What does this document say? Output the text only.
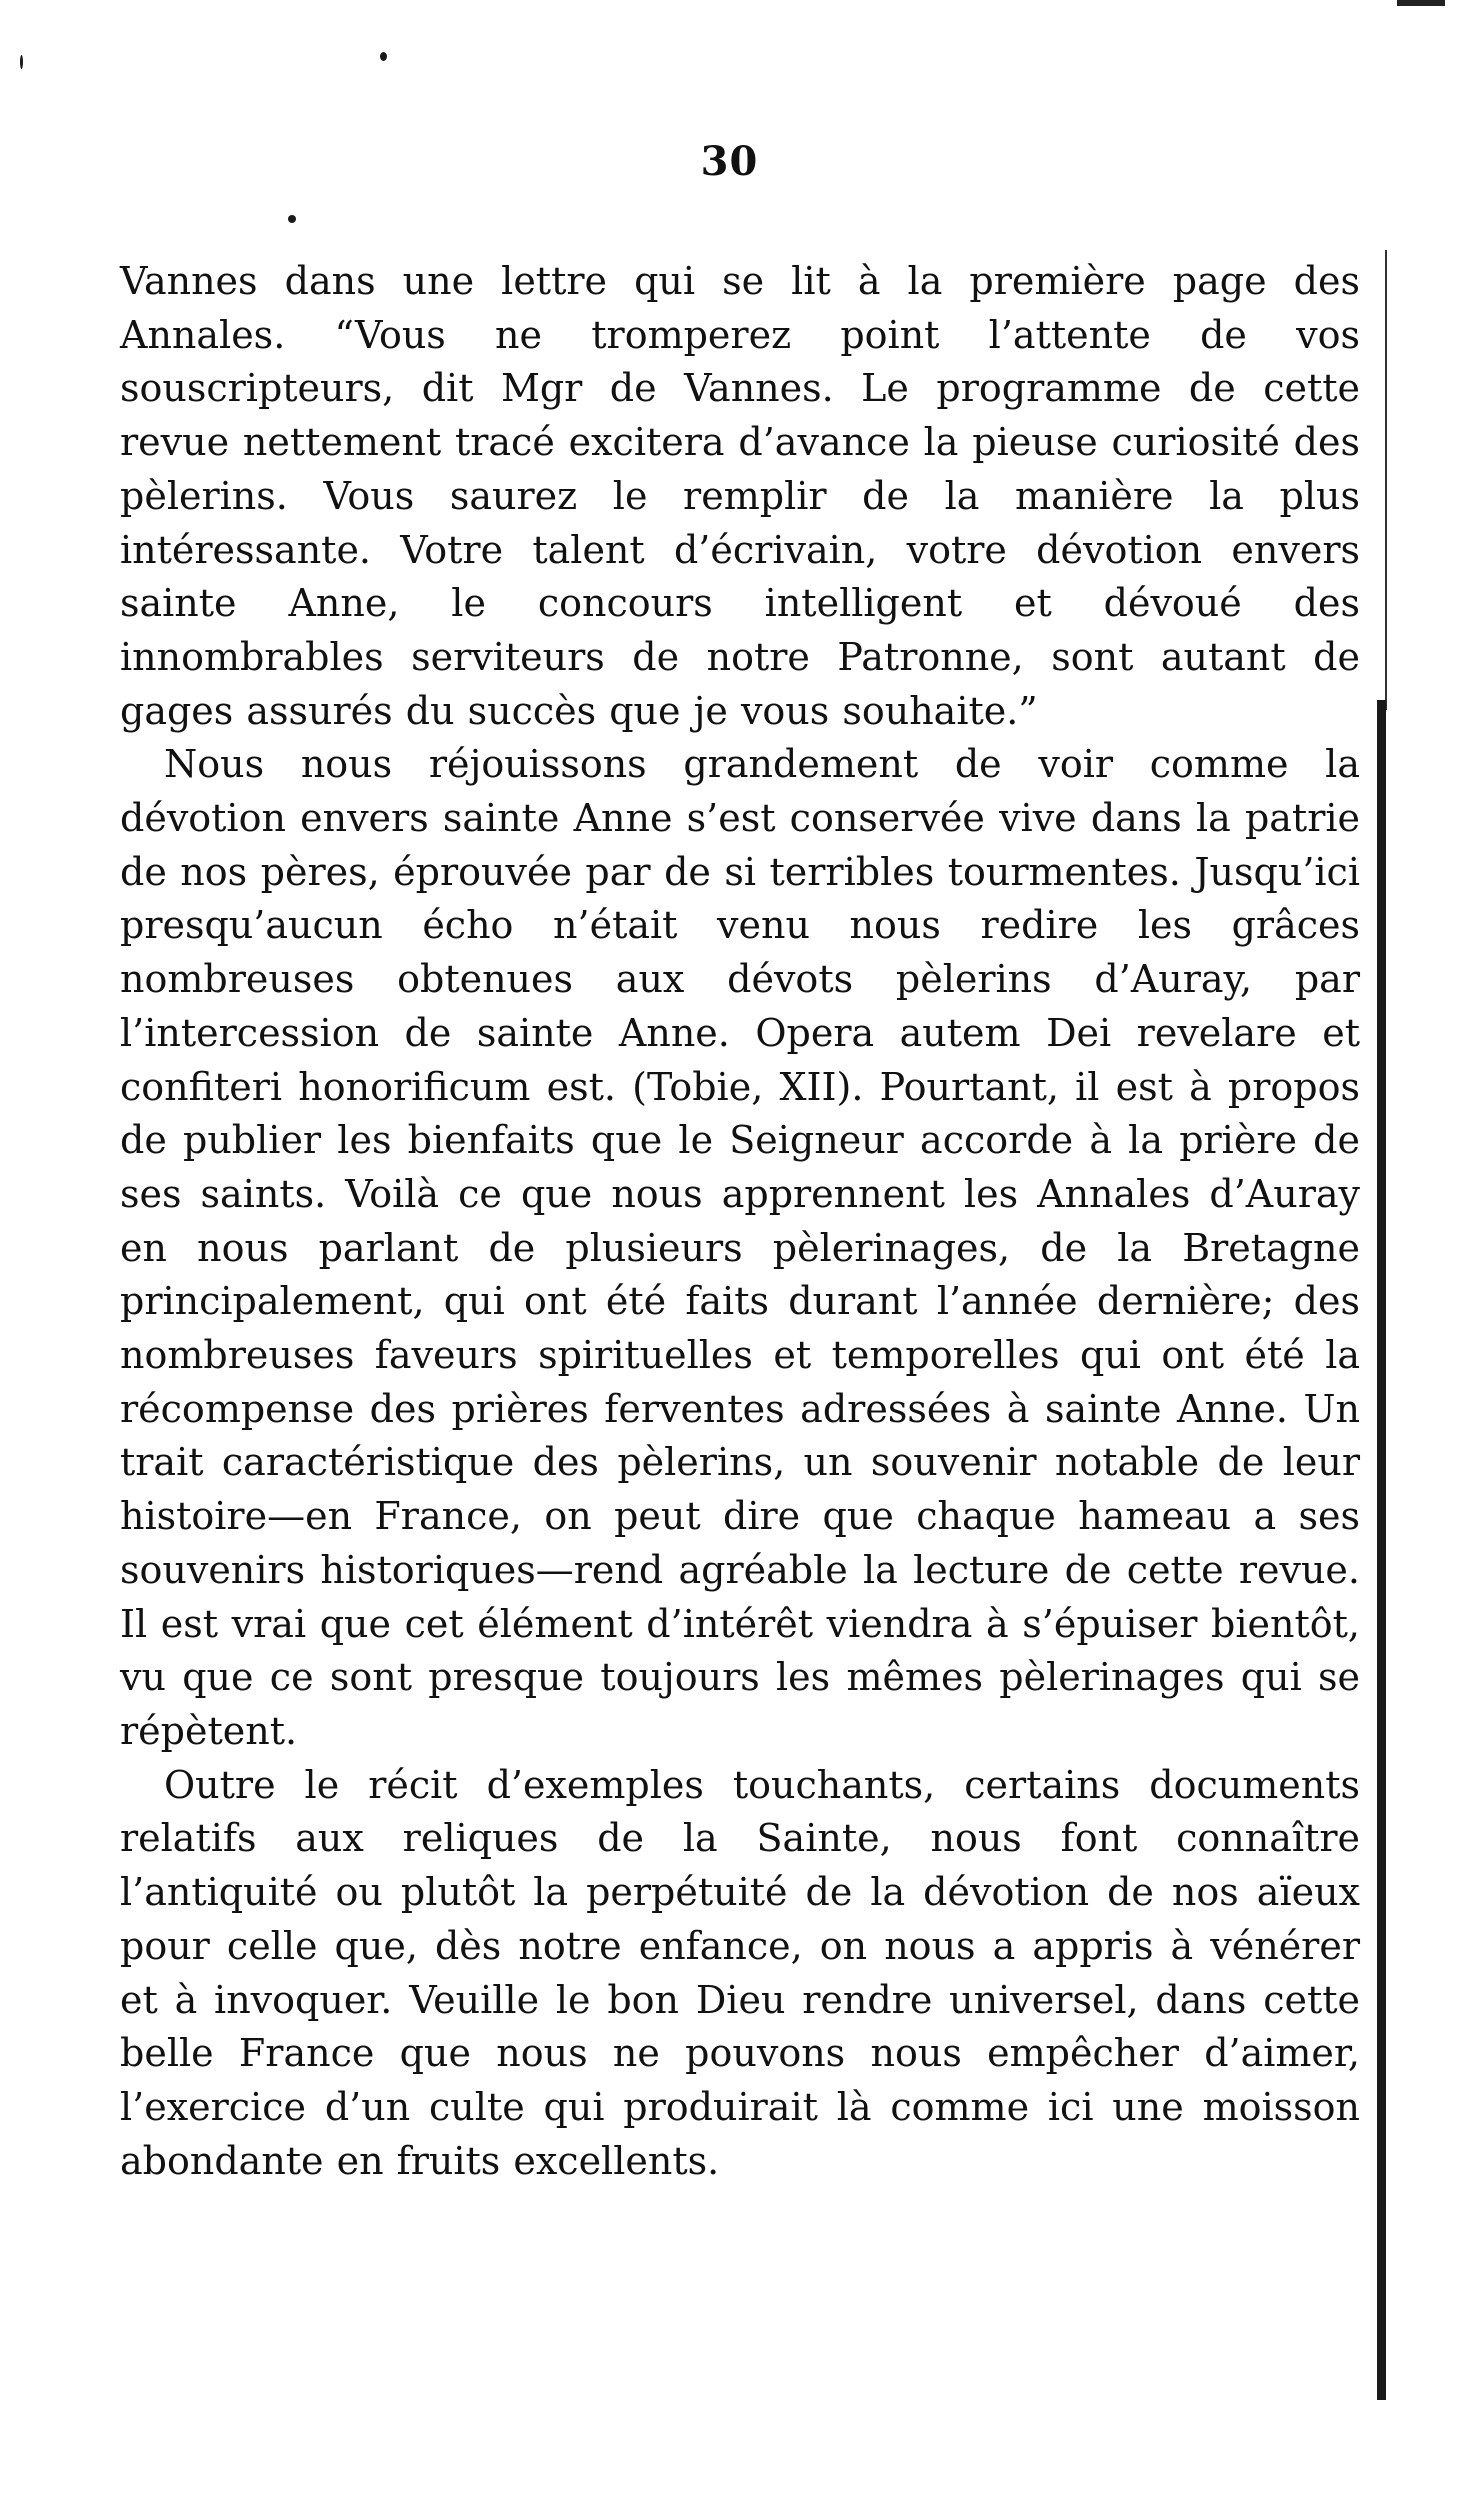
30

Vannes dans une lettre qui se lit à la première page des Annales. “Vous ne tromperez point l’attente de vos souscripteurs, dit Mgr de Vannes. Le programme de cette revue nettement tracé excitera d’avance la pieuse curiosité des pèlerins. Vous saurez le remplir de la manière la plus intéressante. Votre talent d’écrivain, votre dévotion envers sainte Anne, le concours intelligent et dévoué des innombrables serviteurs de notre Patronne, sont autant de gages assurés du succès que je vous souhaite.”

Nous nous réjouissons grandement de voir comme la dévotion envers sainte Anne s’est conservée vive dans la patrie de nos pères, éprouvée par de si terribles tourmentes. Jusqu’ici presqu’aucun écho n’était venu nous redire les grâces nombreuses obtenues aux dévots pèlerins d’Auray, par l’intercession de sainte Anne. Opera autem Dei revelare et confiteri honorificum est. (Tobie, XII). Pourtant, il est à propos de publier les bienfaits que le Seigneur accorde à la prière de ses saints. Voilà ce que nous apprennent les Annales d’Auray en nous parlant de plusieurs pèlerinages, de la Bretagne principalement, qui ont été faits durant l’année dernière; des nombreuses faveurs spirituelles et temporelles qui ont été la récompense des prières ferventes adressées à sainte Anne. Un trait caractéristique des pèlerins, un souvenir notable de leur histoire—en France, on peut dire que chaque hameau a ses souvenirs historiques—rend agréable la lecture de cette revue. Il est vrai que cet élément d’intérêt viendra à s’épuiser bientôt, vu que ce sont presque toujours les mêmes pèlerinages qui se répètent.

Outre le récit d’exemples touchants, certains documents relatifs aux reliques de la Sainte, nous font connaître l’antiquité ou plutôt la perpétuité de la dévotion de nos aïeux pour celle que, dès notre enfance, on nous a appris à vénérer et à invoquer. Veuille le bon Dieu rendre universel, dans cette belle France que nous ne pouvons nous empêcher d’aimer, l’exercice d’un culte qui produirait là comme ici une moisson abondante en fruits excellents.
